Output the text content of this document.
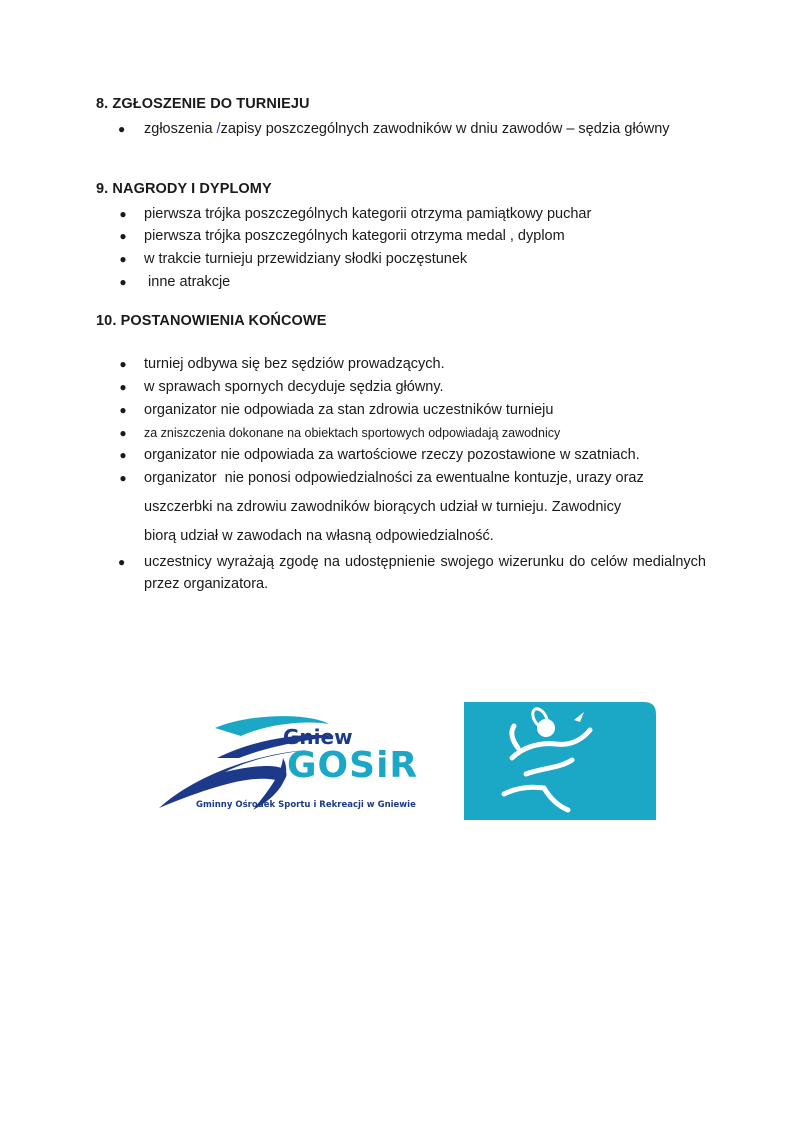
8. ZGŁOSZENIE DO TURNIEJU
● zgłoszenia /zapisy poszczególnych zawodników w dniu zawodów – sędzia główny
9. NAGRODY I DYPLOMY
● pierwsza trójka poszczególnych kategorii otrzyma pamiątkowy puchar
● pierwsza trójka poszczególnych kategorii otrzyma medal , dyplom
● w trakcie turnieju przewidziany słodki poczęstunek
● inne atrakcje
10. POSTANOWIENIA KOŃCOWE
● turniej odbywa się bez sędziów prowadzących.
● w sprawach spornych decyduje sędzia główny.
● organizator nie odpowiada za stan zdrowia uczestników turnieju
● za zniszczenia dokonane na obiektach sportowych odpowiadają zawodnicy
● organizator nie odpowiada za wartościowe rzeczy pozostawione w szatniach.
● organizator  nie ponosi odpowiedzialności za ewentualne kontuzje, urazy oraz
uszczerbki na zdrowiu zawodników biorących udział w turnieju. Zawodnicy
biorą udział w zawodach na własną odpowiedzialność.
● uczestnicy wyrażają zgodę na udostępnienie swojego wizerunku do celów medialnych przez organizatora.
Gniew
GOSiR
Gminny Ośrodek Sportu i Rekreacji w Gniewie
